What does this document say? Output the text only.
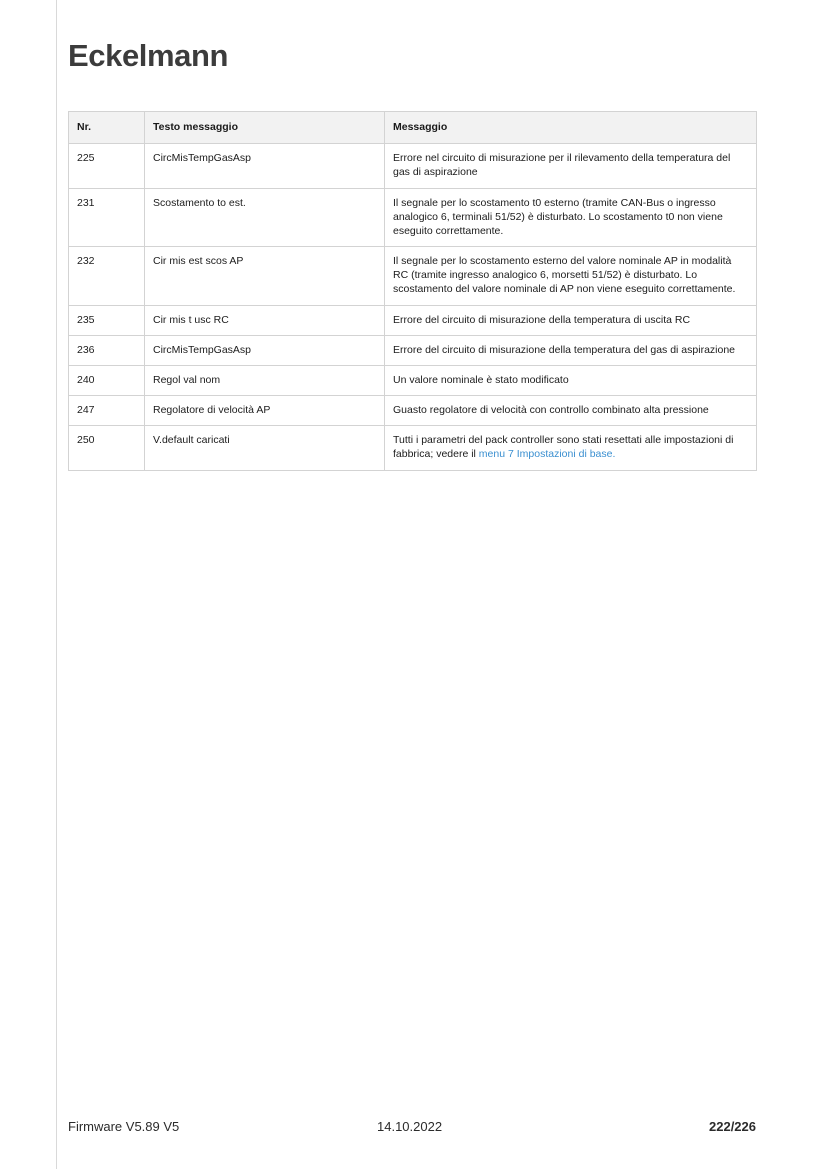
Eckelmann
Nr.	Testo messaggio	Messaggio
225	CircMisTempGasAsp	Errore nel circuito di misurazione per il rilevamento della temperatura del gas di aspirazione
231	Scostamento to est.	Il segnale per lo scostamento t0 esterno (tramite CAN-Bus o ingresso analogico 6, terminali 51/52) è disturbato. Lo scostamento t0 non viene eseguito correttamente.
232	Cir mis est scos AP	Il segnale per lo scostamento esterno del valore nominale AP in modalità RC (tramite ingresso analogico 6, morsetti 51/52) è disturbato. Lo scostamento del valore nominale di AP non viene eseguito correttamente.
235	Cir mis t usc RC	Errore del circuito di misurazione della temperatura di uscita RC
236	CircMisTempGasAsp	Errore del circuito di misurazione della temperatura del gas di aspirazione
240	Regol val nom	Un valore nominale è stato modificato
247	Regolatore di velocità AP	Guasto regolatore di velocità con controllo combinato alta pressione
250	V.default caricati	Tutti i parametri del pack controller sono stati resettati alle impostazioni di fabbrica; vedere il menu 7 Impostazioni di base.
Firmware V5.89 V5	14.10.2022	222/226
